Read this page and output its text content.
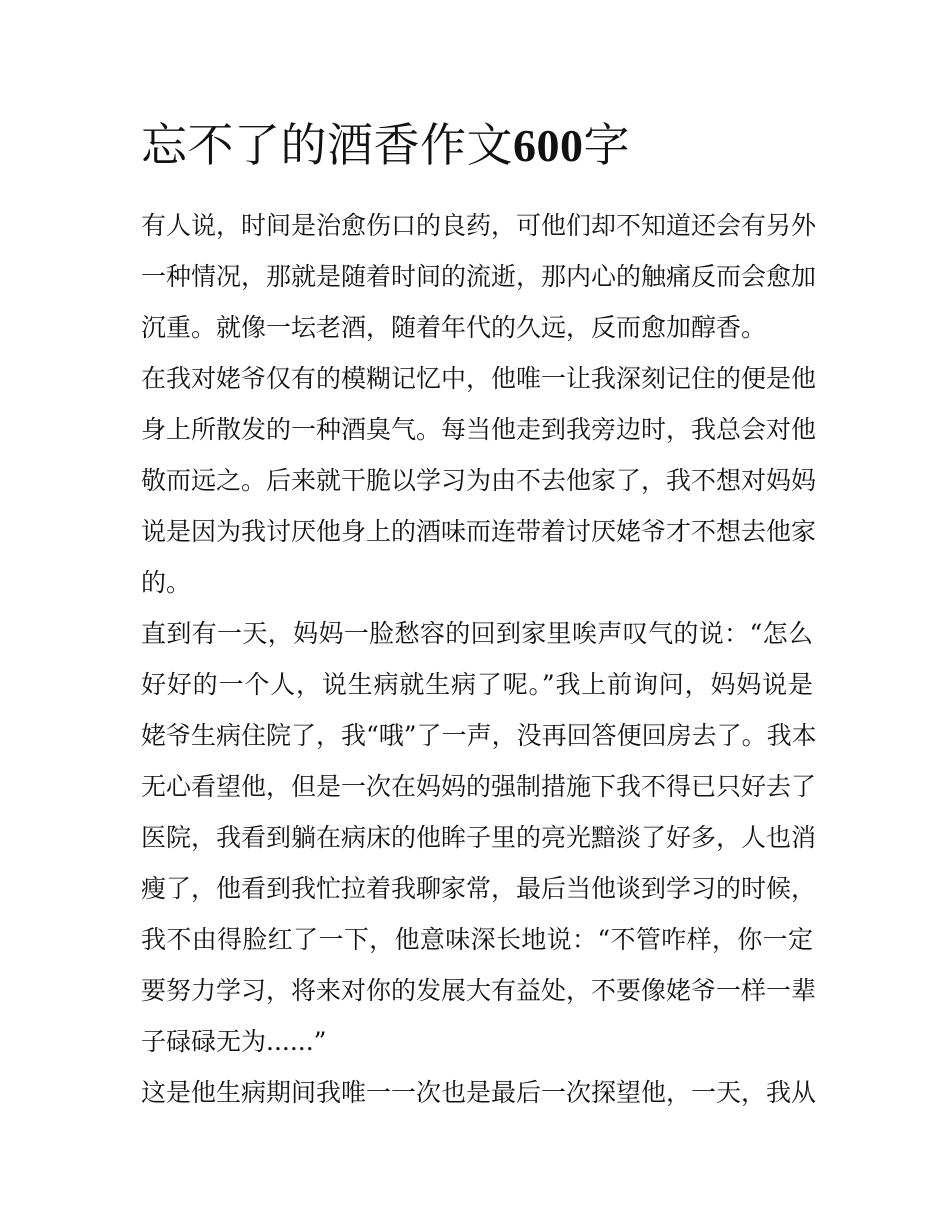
忘不了的酒香作文600字
有人说，时间是治愈伤口的良药，可他们却不知道还会有另外
一种情况，那就是随着时间的流逝，那内心的触痛反而会愈加
沉重。就像一坛老酒，随着年代的久远，反而愈加醇香。
在我对姥爷仅有的模糊记忆中，他唯一让我深刻记住的便是他
身上所散发的一种酒臭气。每当他走到我旁边时，我总会对他
敬而远之。后来就干脆以学习为由不去他家了，我不想对妈妈
说是因为我讨厌他身上的酒味而连带着讨厌姥爷才不想去他家
的。
直到有一天，妈妈一脸愁容的回到家里唉声叹气的说：“怎么
好好的一个人，说生病就生病了呢。”我上前询问，妈妈说是
姥爷生病住院了，我“哦”了一声，没再回答便回房去了。我本
无心看望他，但是一次在妈妈的强制措施下我不得已只好去了
医院，我看到躺在病床的他眸子里的亮光黯淡了好多，人也消
瘦了，他看到我忙拉着我聊家常，最后当他谈到学习的时候，
我不由得脸红了一下，他意味深长地说：“不管咋样，你一定
要努力学习，将来对你的发展大有益处，不要像姥爷一样一辈
子碌碌无为......”
这是他生病期间我唯一一次也是最后一次探望他，一天，我从
